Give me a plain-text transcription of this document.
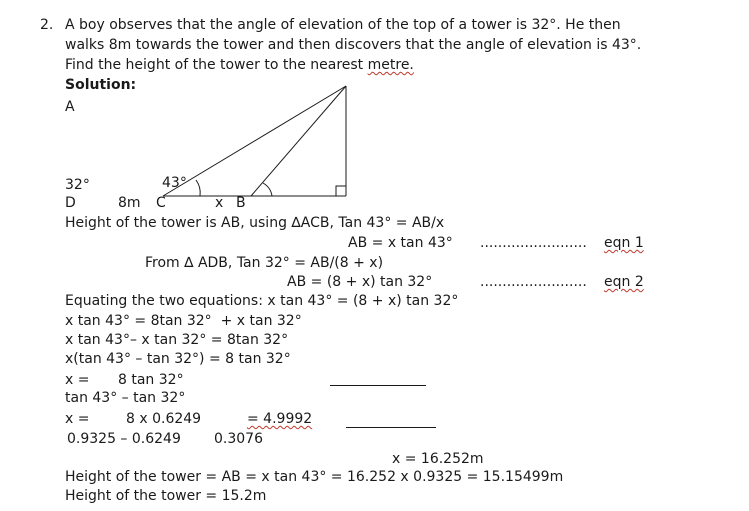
2. A boy observes that the angle of elevation of the top of a tower is 32°. He then
walks 8m towards the tower and then discovers that the angle of elevation is 43°.
Find the height of the tower to the nearest metre.
Solution:
A
32°	43°
D	8m C	x B
Height of the tower is AB, using ∆ACB, Tan 43° = AB/x
AB = x tan 43° ........................ eqn 1
From ∆ ADB, Tan 32° = AB/(8 + x)
AB = (8 + x) tan 32°	........................ eqn 2
Equating the two equations: x tan 43° = (8 + x) tan 32°
x tan 43° = 8tan 32°  + x tan 32°
x tan 43°– x tan 32° = 8tan 32°
x(tan 43° – tan 32°) = 8 tan 32°
x = 8 tan 32°
tan 43° – tan 32°
x =	8 x 0.6249	= 4.9992
0.9325 – 0.6249 0.3076
x = 16.252m
Height of the tower = AB = x tan 43° = 16.252 x 0.9325 = 15.15499m
Height of the tower = 15.2m
